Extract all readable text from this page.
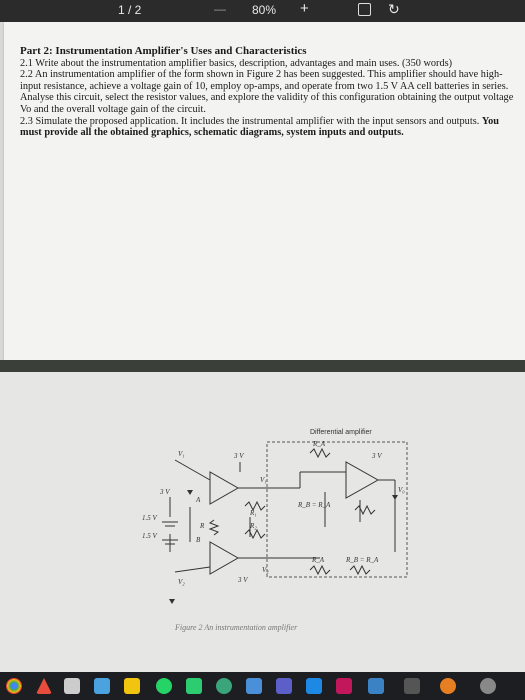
1 / 2	— 80% +	↻

Part 2: Instrumentation Amplifier's Uses and Characteristics

2.1 Write about the instrumentation amplifier basics, description, advantages and main uses. (350 words)

2.2 An instrumentation amplifier of the form shown in Figure 2 has been suggested. This amplifier should have high-input resistance, achieve a voltage gain of 10, employ op-amps, and operate from two 1.5 V AA cell batteries in series. Analyse this circuit, select the resistor values, and explore the validity of this configuration obtaining the output voltage Vo and the overall voltage gain of the circuit.

2.3 Simulate the proposed application. It includes the instrumental amplifier with the input sensors and outputs. You must provide all the obtained graphics, schematic diagrams, system inputs and outputs.

Differential amplifier
V₁
V₂
V₀
V₁
V₂
3 V	3 V
3 V
3 V
1.5 V
1.5 V
A
B
R
R₁
R₂
R_A
R_B = R_A
R_A	R_B = R_A
Figure 2 An instrumentation amplifier
